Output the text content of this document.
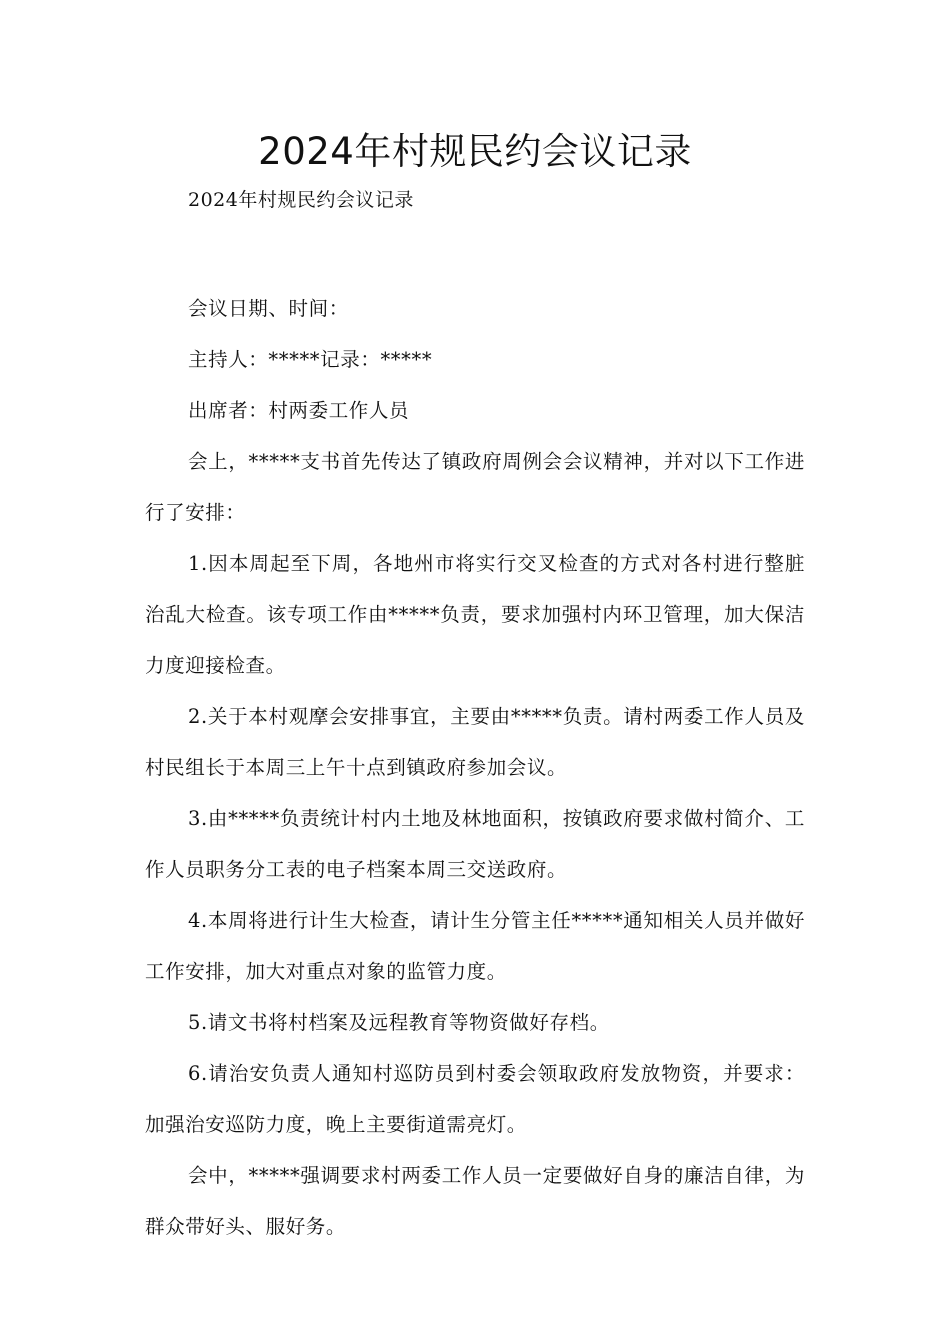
2024年村规民约会议记录

2024年村规民约会议记录

会议日期、时间：

主持人：*****记录：*****

出席者：村两委工作人员

会上，*****支书首先传达了镇政府周例会会议精神，并对以下工作进行了安排：

1.因本周起至下周，各地州市将实行交叉检查的方式对各村进行整脏治乱大检查。该专项工作由*****负责，要求加强村内环卫管理，加大保洁力度迎接检查。

2.关于本村观摩会安排事宜，主要由*****负责。请村两委工作人员及村民组长于本周三上午十点到镇政府参加会议。

3.由*****负责统计村内土地及林地面积，按镇政府要求做村简介、工作人员职务分工表的电子档案本周三交送政府。

4.本周将进行计生大检查，请计生分管主任*****通知相关人员并做好工作安排，加大对重点对象的监管力度。

5.请文书将村档案及远程教育等物资做好存档。

6.请治安负责人通知村巡防员到村委会领取政府发放物资，并要求：加强治安巡防力度，晚上主要街道需亮灯。

会中，*****强调要求村两委工作人员一定要做好自身的廉洁自律，为群众带好头、服好务。
